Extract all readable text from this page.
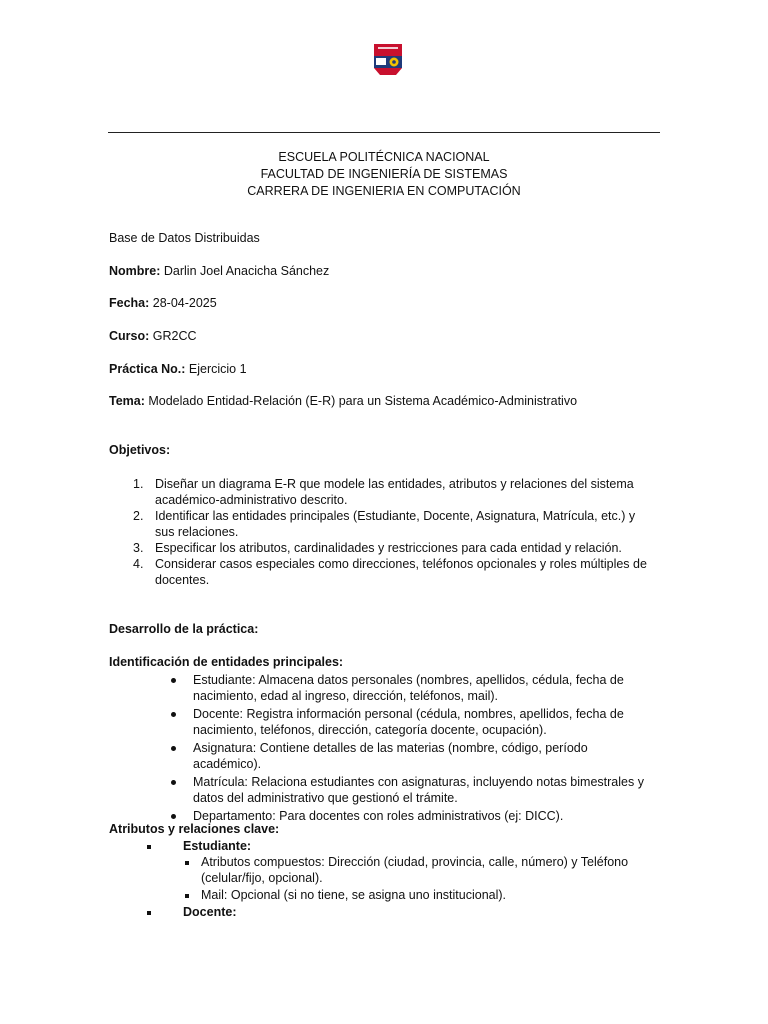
ESCUELA POLITÉCNICA NACIONAL
FACULTAD DE INGENIERÍA DE SISTEMAS
CARRERA DE INGENIERIA EN COMPUTACIÓN
Base de Datos Distribuidas
Nombre: Darlin Joel Anacicha Sánchez
Fecha: 28-04-2025
Curso: GR2CC
Práctica No.: Ejercicio 1
Tema: Modelado Entidad-Relación (E-R) para un Sistema Académico-Administrativo
Objetivos:
1. Diseñar un diagrama E-R que modele las entidades, atributos y relaciones del sistema
académico-administrativo descrito.
2. Identificar las entidades principales (Estudiante, Docente, Asignatura, Matrícula, etc.) y
sus relaciones.
3. Especificar los atributos, cardinalidades y restricciones para cada entidad y relación.
4. Considerar casos especiales como direcciones, teléfonos opcionales y roles múltiples de
docentes.
Desarrollo de la práctica:
Identificación de entidades principales:
Estudiante: Almacena datos personales (nombres, apellidos, cédula, fecha de
nacimiento, edad al ingreso, dirección, teléfonos, mail).
Docente: Registra información personal (cédula, nombres, apellidos, fecha de
nacimiento, teléfonos, dirección, categoría docente, ocupación).
Asignatura: Contiene detalles de las materias (nombre, código, período
académico).
Matrícula: Relaciona estudiantes con asignaturas, incluyendo notas bimestrales y
datos del administrativo que gestionó el trámite.
Departamento: Para docentes con roles administrativos (ej: DICC).
Atributos y relaciones clave:
Estudiante:
Atributos compuestos: Dirección (ciudad, provincia, calle, número) y Teléfono
(celular/fijo, opcional).
Mail: Opcional (si no tiene, se asigna uno institucional).
Docente:
